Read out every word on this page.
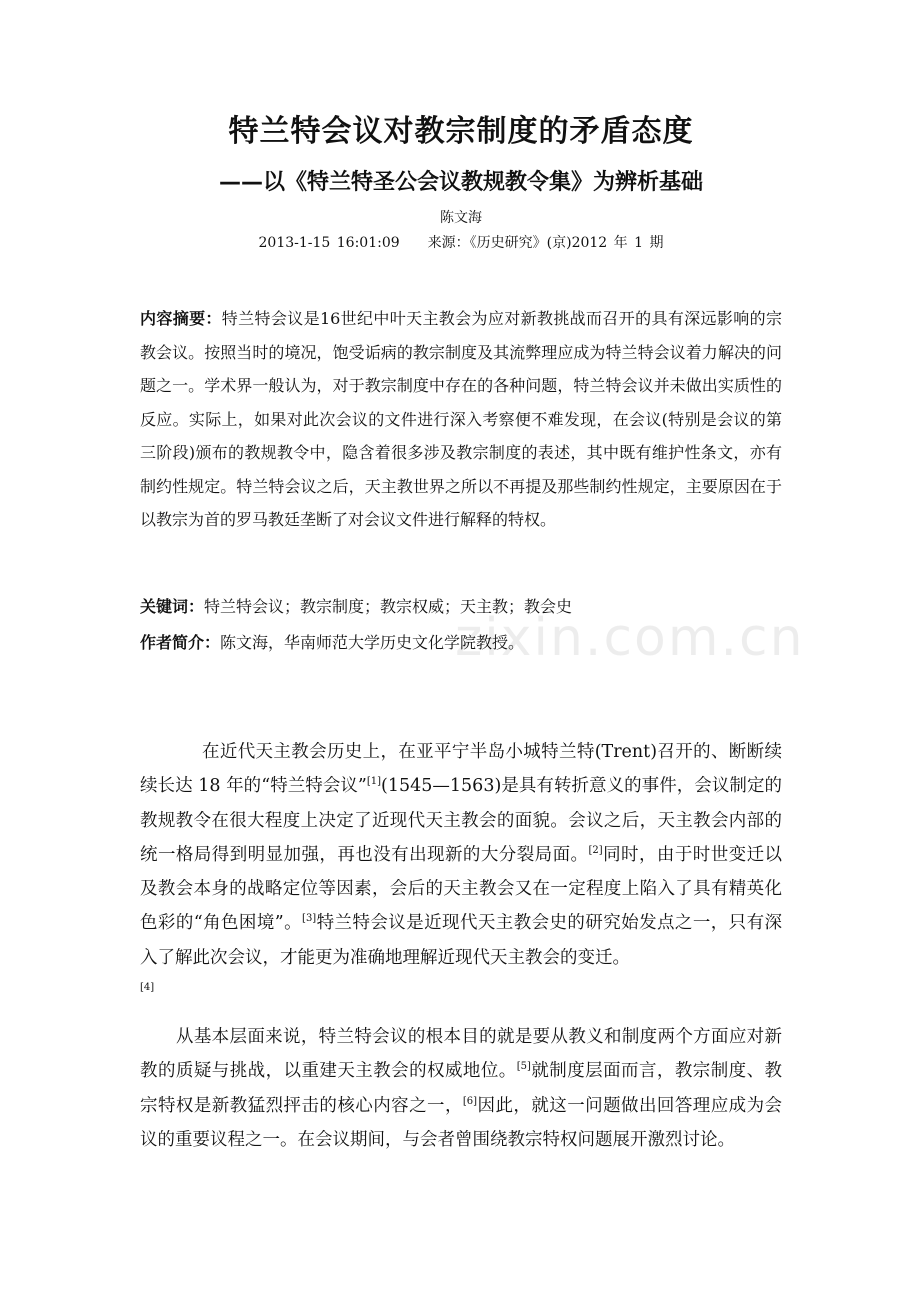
特兰特会议对教宗制度的矛盾态度
——以《特兰特圣公会议教规教令集》为辨析基础
陈文海
2013-1-15 16:01:09 来源：《历史研究》(京)2012 年 1 期

内容摘要：特兰特会议是16世纪中叶天主教会为应对新教挑战而召开的具有深远影响的宗教会议。按照当时的境况，饱受诟病的教宗制度及其流弊理应成为特兰特会议着力解决的问题之一。学术界一般认为，对于教宗制度中存在的各种问题，特兰特会议并未做出实质性的反应。实际上，如果对此次会议的文件进行深入考察便不难发现，在会议(特别是会议的第三阶段)颁布的教规教令中，隐含着很多涉及教宗制度的表述，其中既有维护性条文，亦有制约性规定。特兰特会议之后，天主教世界之所以不再提及那些制约性规定，主要原因在于以教宗为首的罗马教廷垄断了对会议文件进行解释的特权。

关键词：特兰特会议；教宗制度；教宗权威；天主教；教会史

作者简介：陈文海，华南师范大学历史文化学院教授。

在近代天主教会历史上，在亚平宁半岛小城特兰特(Trent)召开的、断断续续长达 18 年的“特兰特会议”[1](1545—1563)是具有转折意义的事件，会议制定的教规教令在很大程度上决定了近现代天主教会的面貌。会议之后，天主教会内部的统一格局得到明显加强，再也没有出现新的大分裂局面。[2]同时，由于时世变迁以及教会本身的战略定位等因素，会后的天主教会又在一定程度上陷入了具有精英化色彩的“角色困境”。[3]特兰特会议是近现代天主教会史的研究始发点之一，只有深入了解此次会议，才能更为准确地理解近现代天主教会的变迁。
[4]

从基本层面来说，特兰特会议的根本目的就是要从教义和制度两个方面应对新教的质疑与挑战，以重建天主教会的权威地位。[5]就制度层面而言，教宗制度、教宗特权是新教猛烈抨击的核心内容之一，[6]因此，就这一问题做出回答理应成为会议的重要议程之一。在会议期间，与会者曾围绕教宗特权问题展开激烈讨论。

zixin.com.cn
